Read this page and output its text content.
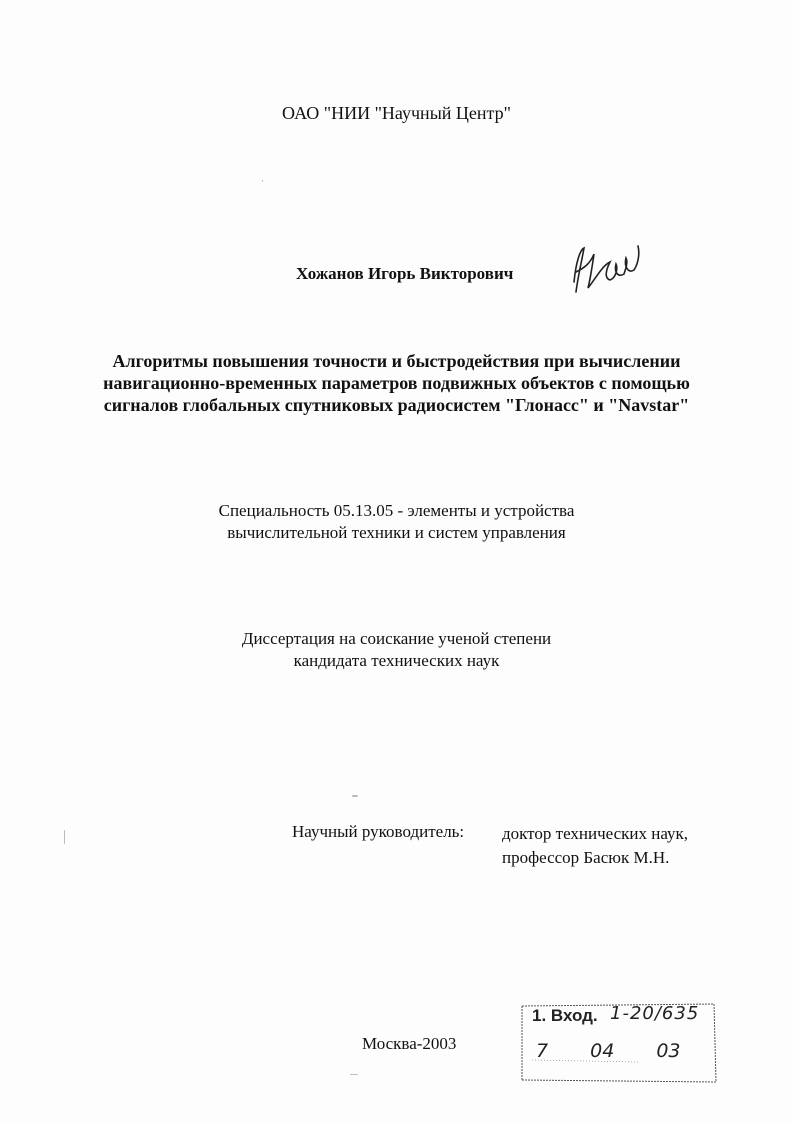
ОАО "НИИ "Научный Центр"
Хожанов Игорь Викторович
Алгоритмы повышения точности и быстродействия при вычислении
навигационно-временных параметров подвижных объектов с помощью
сигналов глобальных спутниковых радиосистем "Глонасс" и "Navstar"
Специальность 05.13.05 - элементы и устройства
вычислительной техники и систем управления
Диссертация на соискание ученой степени
кандидата технических наук
Научный руководитель: доктор технических наук,
профессор Басюк М.Н.
Москва-2003
1. Вход. 1-20/635
7 04 03
